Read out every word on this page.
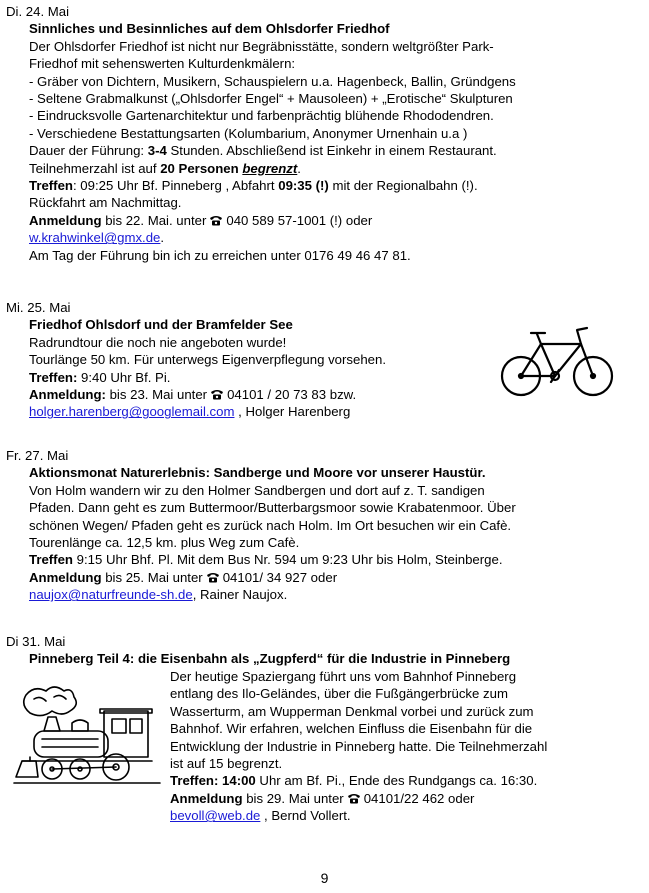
Di. 24. Mai
Sinnliches und Besinnliches auf dem Ohlsdorfer Friedhof
Der Ohlsdorfer Friedhof ist nicht nur Begräbnisstätte, sondern weltgrößter Park-
Friedhof mit sehenswerten Kulturdenkmälern:
- Gräber von Dichtern, Musikern, Schauspielern u.a. Hagenbeck, Ballin, Gründgens
- Seltene Grabmalkunst („Ohlsdorfer Engel“ + Mausoleen) + „Erotische“ Skulpturen
- Eindrucksvolle Gartenarchitektur und farbenprächtig blühende Rhododendren.
- Verschiedene Bestattungsarten (Kolumbarium, Anonymer Urnenhain u.a )
Dauer der Führung: 3-4 Stunden. Abschließend ist Einkehr in einem Restaurant.
Teilnehmerzahl ist auf 20 Personen begrenzt.
Treffen: 09:25 Uhr Bf. Pinneberg , Abfahrt 09:35 (!) mit der Regionalbahn (!).
Rückfahrt am Nachmittag.
Anmeldung bis 22. Mai. unter 040 589 57-1001 (!) oder
w.krahwinkel@gmx.de.
Am Tag der Führung bin ich zu erreichen unter 0176 49 46 47 81.
Mi. 25. Mai
Friedhof Ohlsdorf und der Bramfelder See
Radrundtour die noch nie angeboten wurde!
Tourlänge 50 km. Für unterwegs Eigenverpflegung vorsehen.
Treffen: 9:40 Uhr Bf. Pi.
Anmeldung: bis 23. Mai unter 04101 / 20 73 83 bzw.
holger.harenberg@googlemail.com , Holger Harenberg
Fr. 27. Mai
Aktionsmonat Naturerlebnis: Sandberge und Moore vor unserer Haustür.
Von Holm wandern wir zu den Holmer Sandbergen und dort auf z. T. sandigen
Pfaden. Dann geht es zum Buttermoor/Butterbargsmoor sowie Krabatenmoor. Über
schönen Wegen/ Pfaden geht es zurück nach Holm. Im Ort besuchen wir ein Cafè.
Tourenlänge ca. 12,5 km. plus Weg zum Cafè.
Treffen 9:15 Uhr Bhf. Pl. Mit dem Bus Nr. 594 um 9:23 Uhr bis Holm, Steinberge.
Anmeldung bis 25. Mai unter 04101/ 34 927 oder
naujox@naturfreunde-sh.de, Rainer Naujox.
Di 31. Mai
Pinneberg Teil 4: die Eisenbahn als „Zugpferd“ für die Industrie in Pinneberg
Der heutige Spaziergang führt uns vom Bahnhof Pinneberg
entlang des Ilo-Geländes, über die Fußgängerbrücke zum
Wasserturm, am Wupperman Denkmal vorbei und zurück zum
Bahnhof. Wir erfahren, welchen Einfluss die Eisenbahn für die
Entwicklung der Industrie in Pinneberg hatte. Die Teilnehmerzahl
ist auf 15 begrenzt.
Treffen: 14:00 Uhr am Bf. Pi., Ende des Rundgangs ca. 16:30.
Anmeldung bis 29. Mai unter 04101/22 462 oder
bevoll@web.de , Bernd Vollert.
9
